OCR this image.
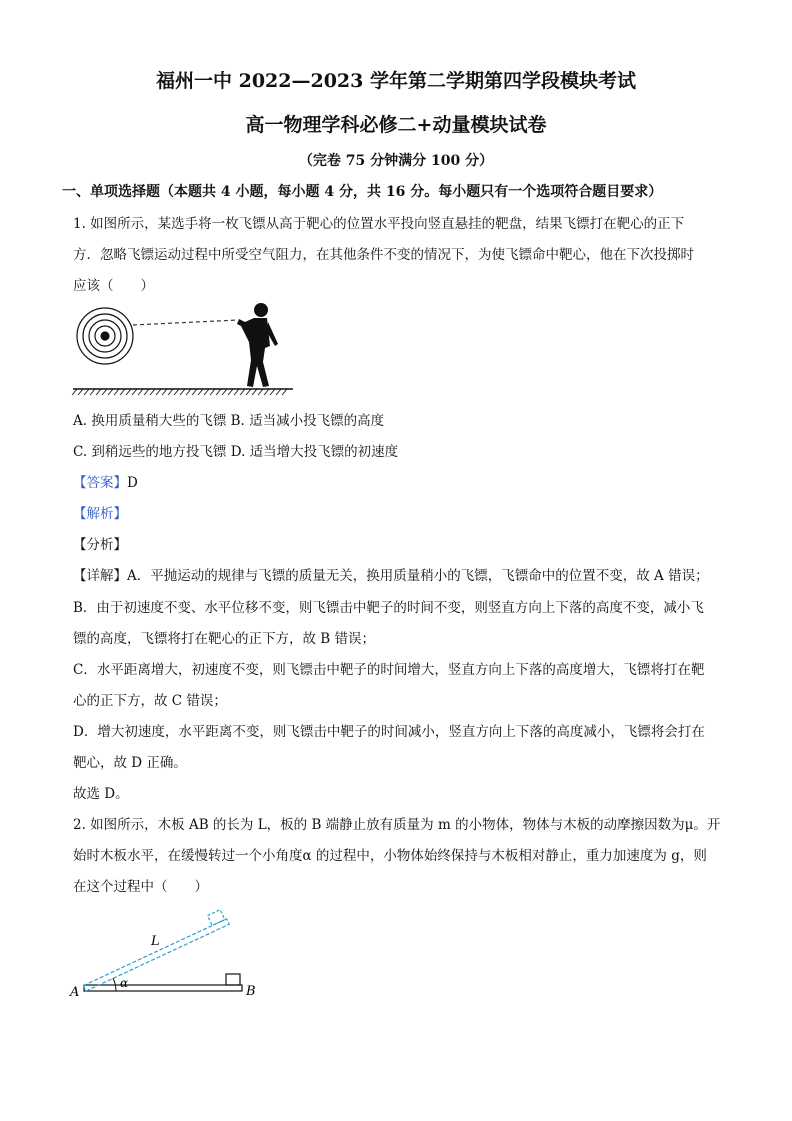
福州一中 2022—2023 学年第二学期第四学段模块考试
高一物理学科必修二+动量模块试卷
（完卷 75 分钟满分 100 分）
一、单项选择题（本题共 4 小题，每小题 4 分，共 16 分。每小题只有一个选项符合题目要求）
1. 如图所示，某选手将一枚飞镖从高于靶心的位置水平投向竖直悬挂的靶盘，结果飞镖打在靶心的正下
方．忽略飞镖运动过程中所受空气阻力，在其他条件不变的情况下，为使飞镖命中靶心，他在下次投掷时
应该（　　）
A. 换用质量稍大些的飞镖 B. 适当减小投飞镖的高度
C. 到稍远些的地方投飞镖 D. 适当增大投飞镖的初速度
【答案】D
【解析】
【分析】
【详解】A．平抛运动的规律与飞镖的质量无关，换用质量稍小的飞镖，飞镖命中的位置不变，故 A 错误；
B．由于初速度不变、水平位移不变，则飞镖击中靶子的时间不变，则竖直方向上下落的高度不变，减小飞
镖的高度，飞镖将打在靶心的正下方，故 B 错误；
C．水平距离增大，初速度不变，则飞镖击中靶子的时间增大，竖直方向上下落的高度增大，飞镖将打在靶
心的正下方，故 C 错误；
D．增大初速度，水平距离不变，则飞镖击中靶子的时间减小，竖直方向上下落的高度减小，飞镖将会打在
靶心，故 D 正确。
故选 D。
2. 如图所示，木板 AB 的长为 L，板的 B 端静止放有质量为 m 的小物体，物体与木板的动摩擦因数为μ。开
始时木板水平，在缓慢转过一个小角度α 的过程中，小物体始终保持与木板相对静止，重力加速度为 g，则
在这个过程中（　　）
L
α
A	B
